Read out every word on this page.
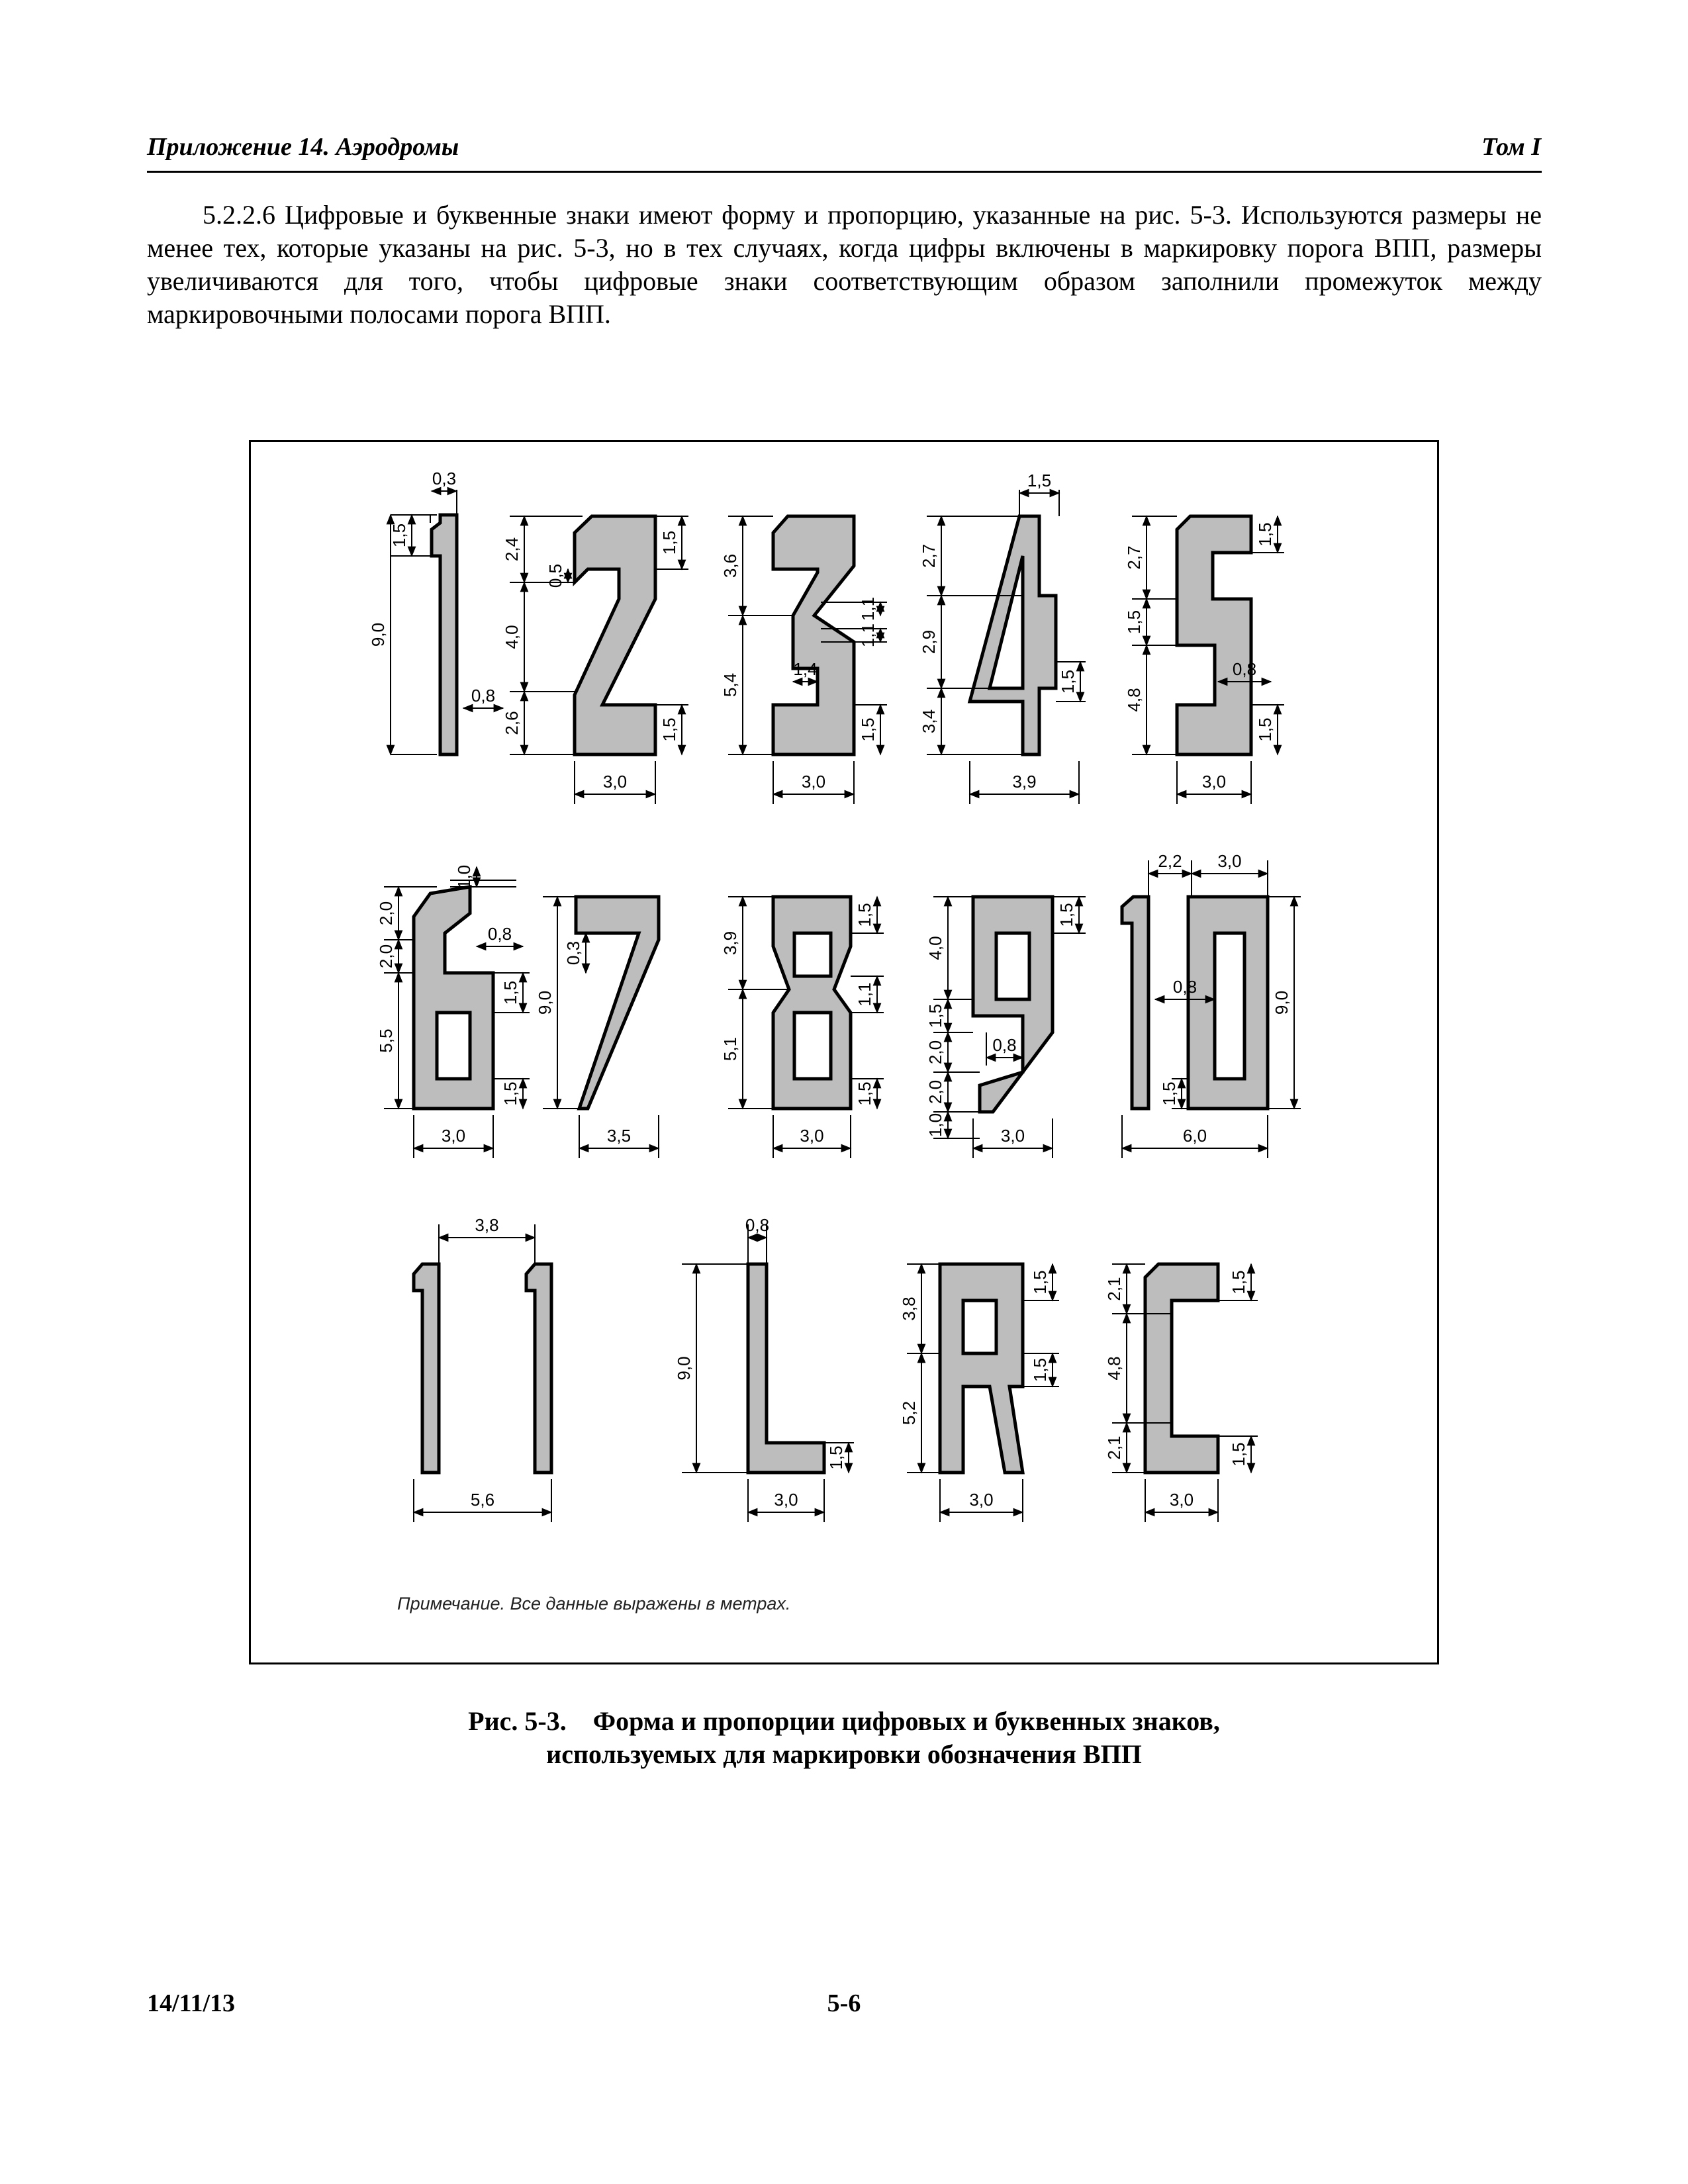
Приложение 14. Аэродромы	Том I
5.2.2.6 Цифровые и буквенные знаки имеют форму и пропорцию, указанные на рис. 5-3. Используются размеры не менее тех, которые указаны на рис. 5-3, но в тех случаях, когда цифры включены в маркировку порога ВПП, размеры увеличиваются для того, чтобы цифровые знаки соответствующим образом заполнили промежуток между маркировочными полосами порога ВПП.
0,3
1,5
9,0
0,8
2,4
4,0
2,6
0,5
1,5
1,5
3,0
3,6
5,4
1,1
1,1
1,4
1,5
3,0
1,5
2,7
2,9
3,4
1,5
3,9
2,7
1,5
4,8
1,5
0,8
1,5
3,0
1,0
2,0
2,0
5,5
0,8
1,5
1,5
3,0
9,0
0,3
3,5
3,9
5,1
1,5
1,1
1,5
3,0
1,5
4,0
1,5
2,0
2,0
1,0
0,8
3,0
2,2 3,0
0,8
1,5
9,0
6,0
3,8
5,6
0,8
9,0
1,5
3,0
3,8
5,2
1,5
1,5
3,0
2,1
4,8
2,1
1,5
1,5
3,0
Примечание. Все данные выражены в метрах.
Рис. 5-3. Форма и пропорции цифровых и буквенных знаков,
используемых для маркировки обозначения ВПП
14/11/13	5-6
